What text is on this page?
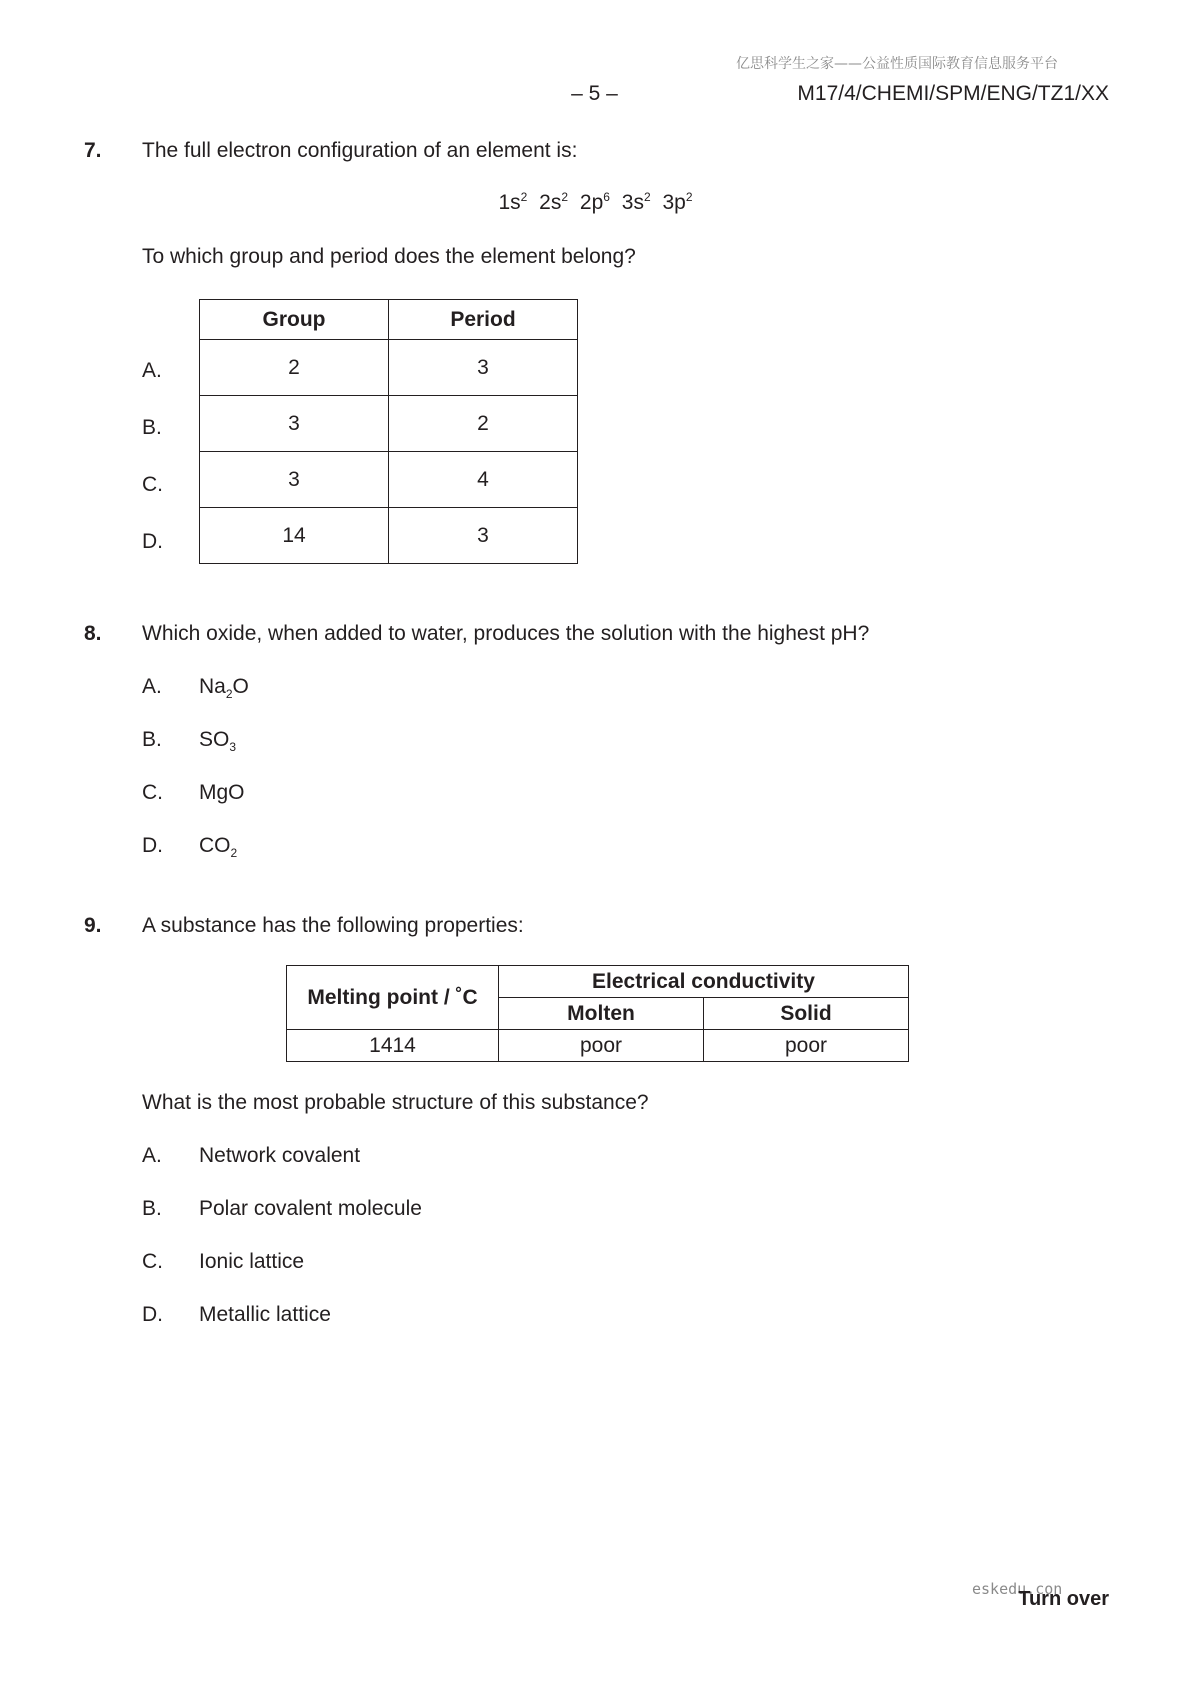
亿思科学生之家——公益性质国际教育信息服务平台
– 5 –	M17/4/CHEMI/SPM/ENG/TZ1/XX
7. The full electron configuration of an element is:
$1s^2$ $2s^2$ $2p^6$ $3s^2$ $3p^2$
To which group and period does the element belong?
A.
B.
C.
D.
Group	Period
2	3
3	2
3	4
14	3
8. Which oxide, when added to water, produces the solution with the highest pH?
A. $Na_2O$
B. $SO_3$
C. MgO
D. $CO_2$
9. A substance has the following properties:
Melting point / ˚C	Electrical conductivity	
	Molten	Solid
1414	poor	poor
What is the most probable structure of this substance?
A. Network covalent
B. Polar covalent molecule
C. Ionic lattice
D. Metallic lattice
eskedu.con
Turn over
